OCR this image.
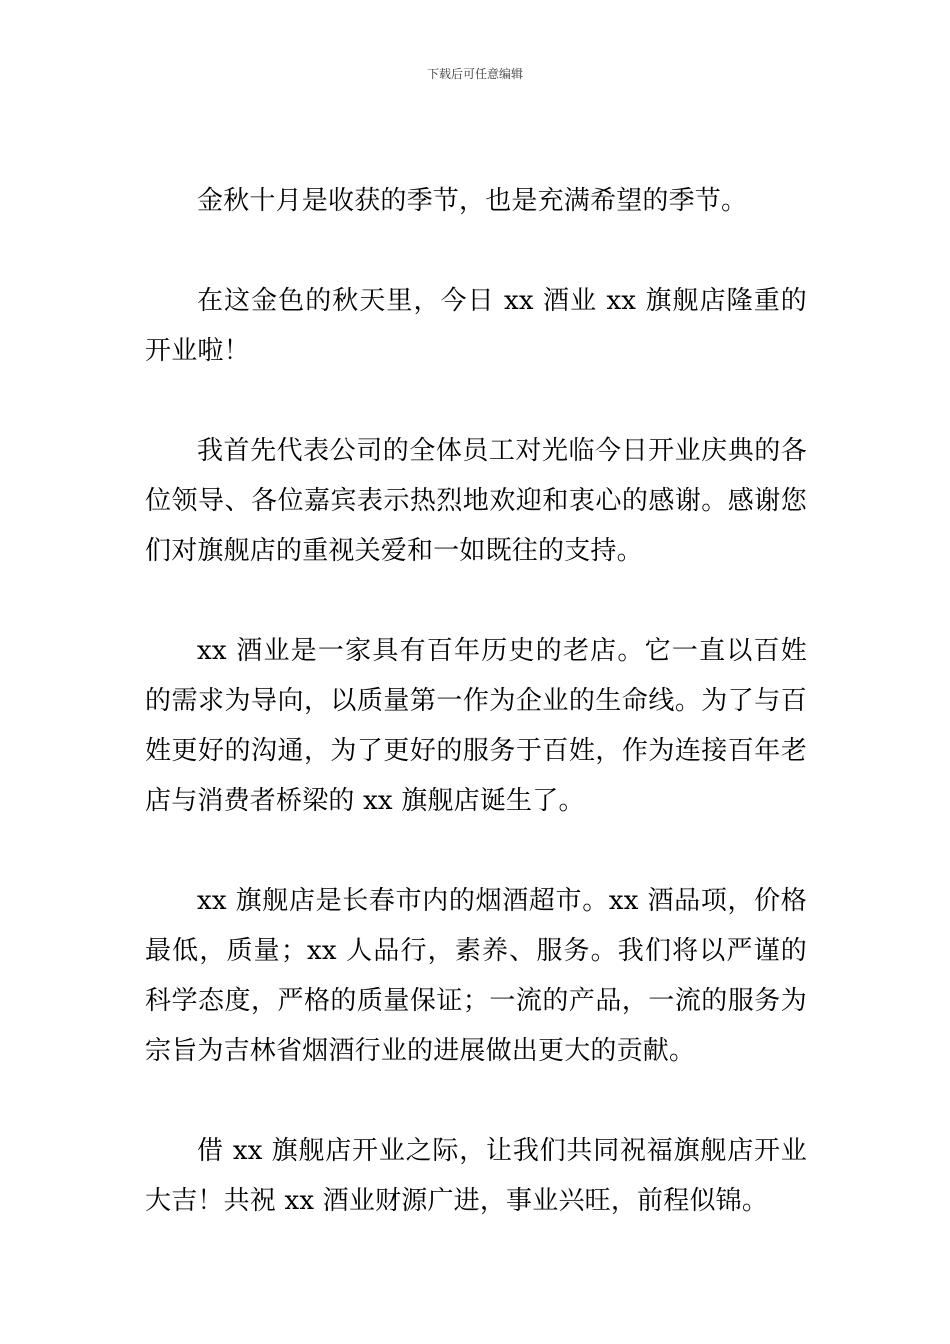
下载后可任意编辑

金秋十月是收获的季节，也是充满希望的季节。

在这金色的秋天里，今日 xx 酒业 xx 旗舰店隆重的开业啦！

我首先代表公司的全体员工对光临今日开业庆典的各位领导、各位嘉宾表示热烈地欢迎和衷心的感谢。感谢您们对旗舰店的重视关爱和一如既往的支持。

xx 酒业是一家具有百年历史的老店。它一直以百姓的需求为导向，以质量第一作为企业的生命线。为了与百姓更好的沟通，为了更好的服务于百姓，作为连接百年老店与消费者桥梁的 xx 旗舰店诞生了。

xx 旗舰店是长春市内的烟酒超市。xx 酒品项，价格最低，质量；xx 人品行，素养、服务。我们将以严谨的科学态度，严格的质量保证；一流的产品，一流的服务为宗旨为吉林省烟酒行业的进展做出更大的贡献。

借 xx 旗舰店开业之际，让我们共同祝福旗舰店开业大吉！共祝 xx 酒业财源广进，事业兴旺，前程似锦。
